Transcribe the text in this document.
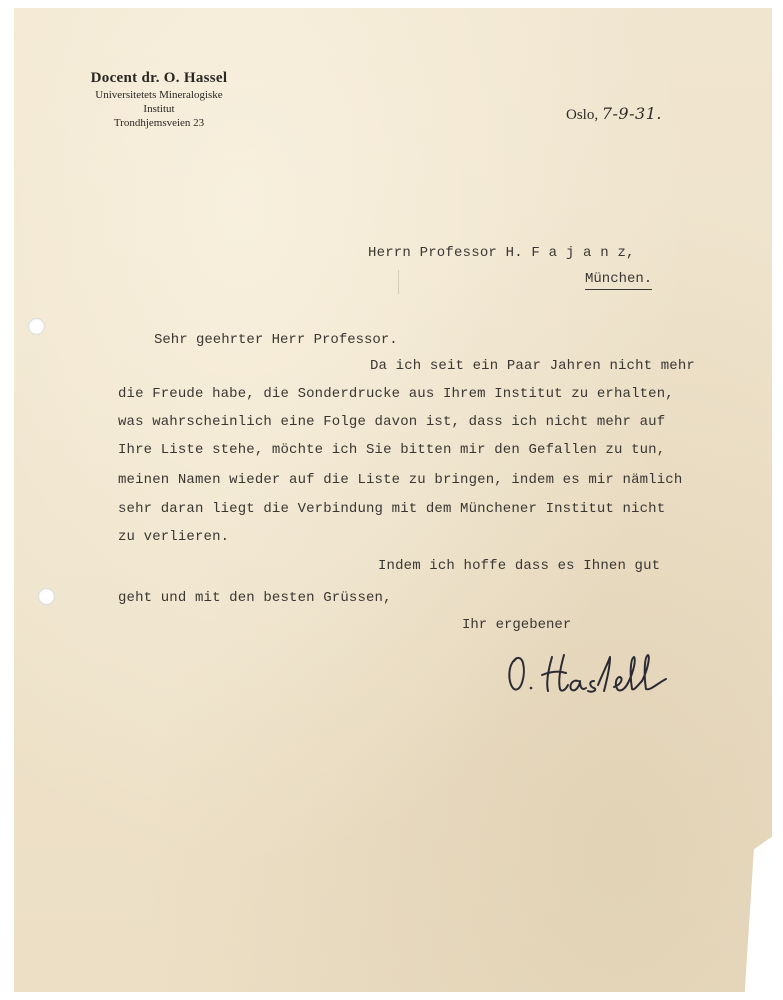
Docent dr. O. Hassel
Universitetets Mineralogiske Institut
Trondhjemsveien 23	Oslo, 7-9-31.
Herrn Professor H. F a j a n z,
München.
Sehr geehrter Herr Professor.
Da ich seit ein Paar Jahren nicht mehr
die Freude habe, die Sonderdrucke aus Ihrem Institut zu erhalten,
was wahrscheinlich eine Folge davon ist, dass ich nicht mehr auf
Ihre Liste stehe, möchte ich Sie bitten mir den Gefallen zu tun,
meinen Namen wieder auf die Liste zu bringen, indem es mir nämlich
sehr daran liegt die Verbindung mit dem Münchener Institut nicht
zu verlieren.
Indem ich hoffe dass es Ihnen gut
geht und mit den besten Grüssen,
Ihr ergebener
